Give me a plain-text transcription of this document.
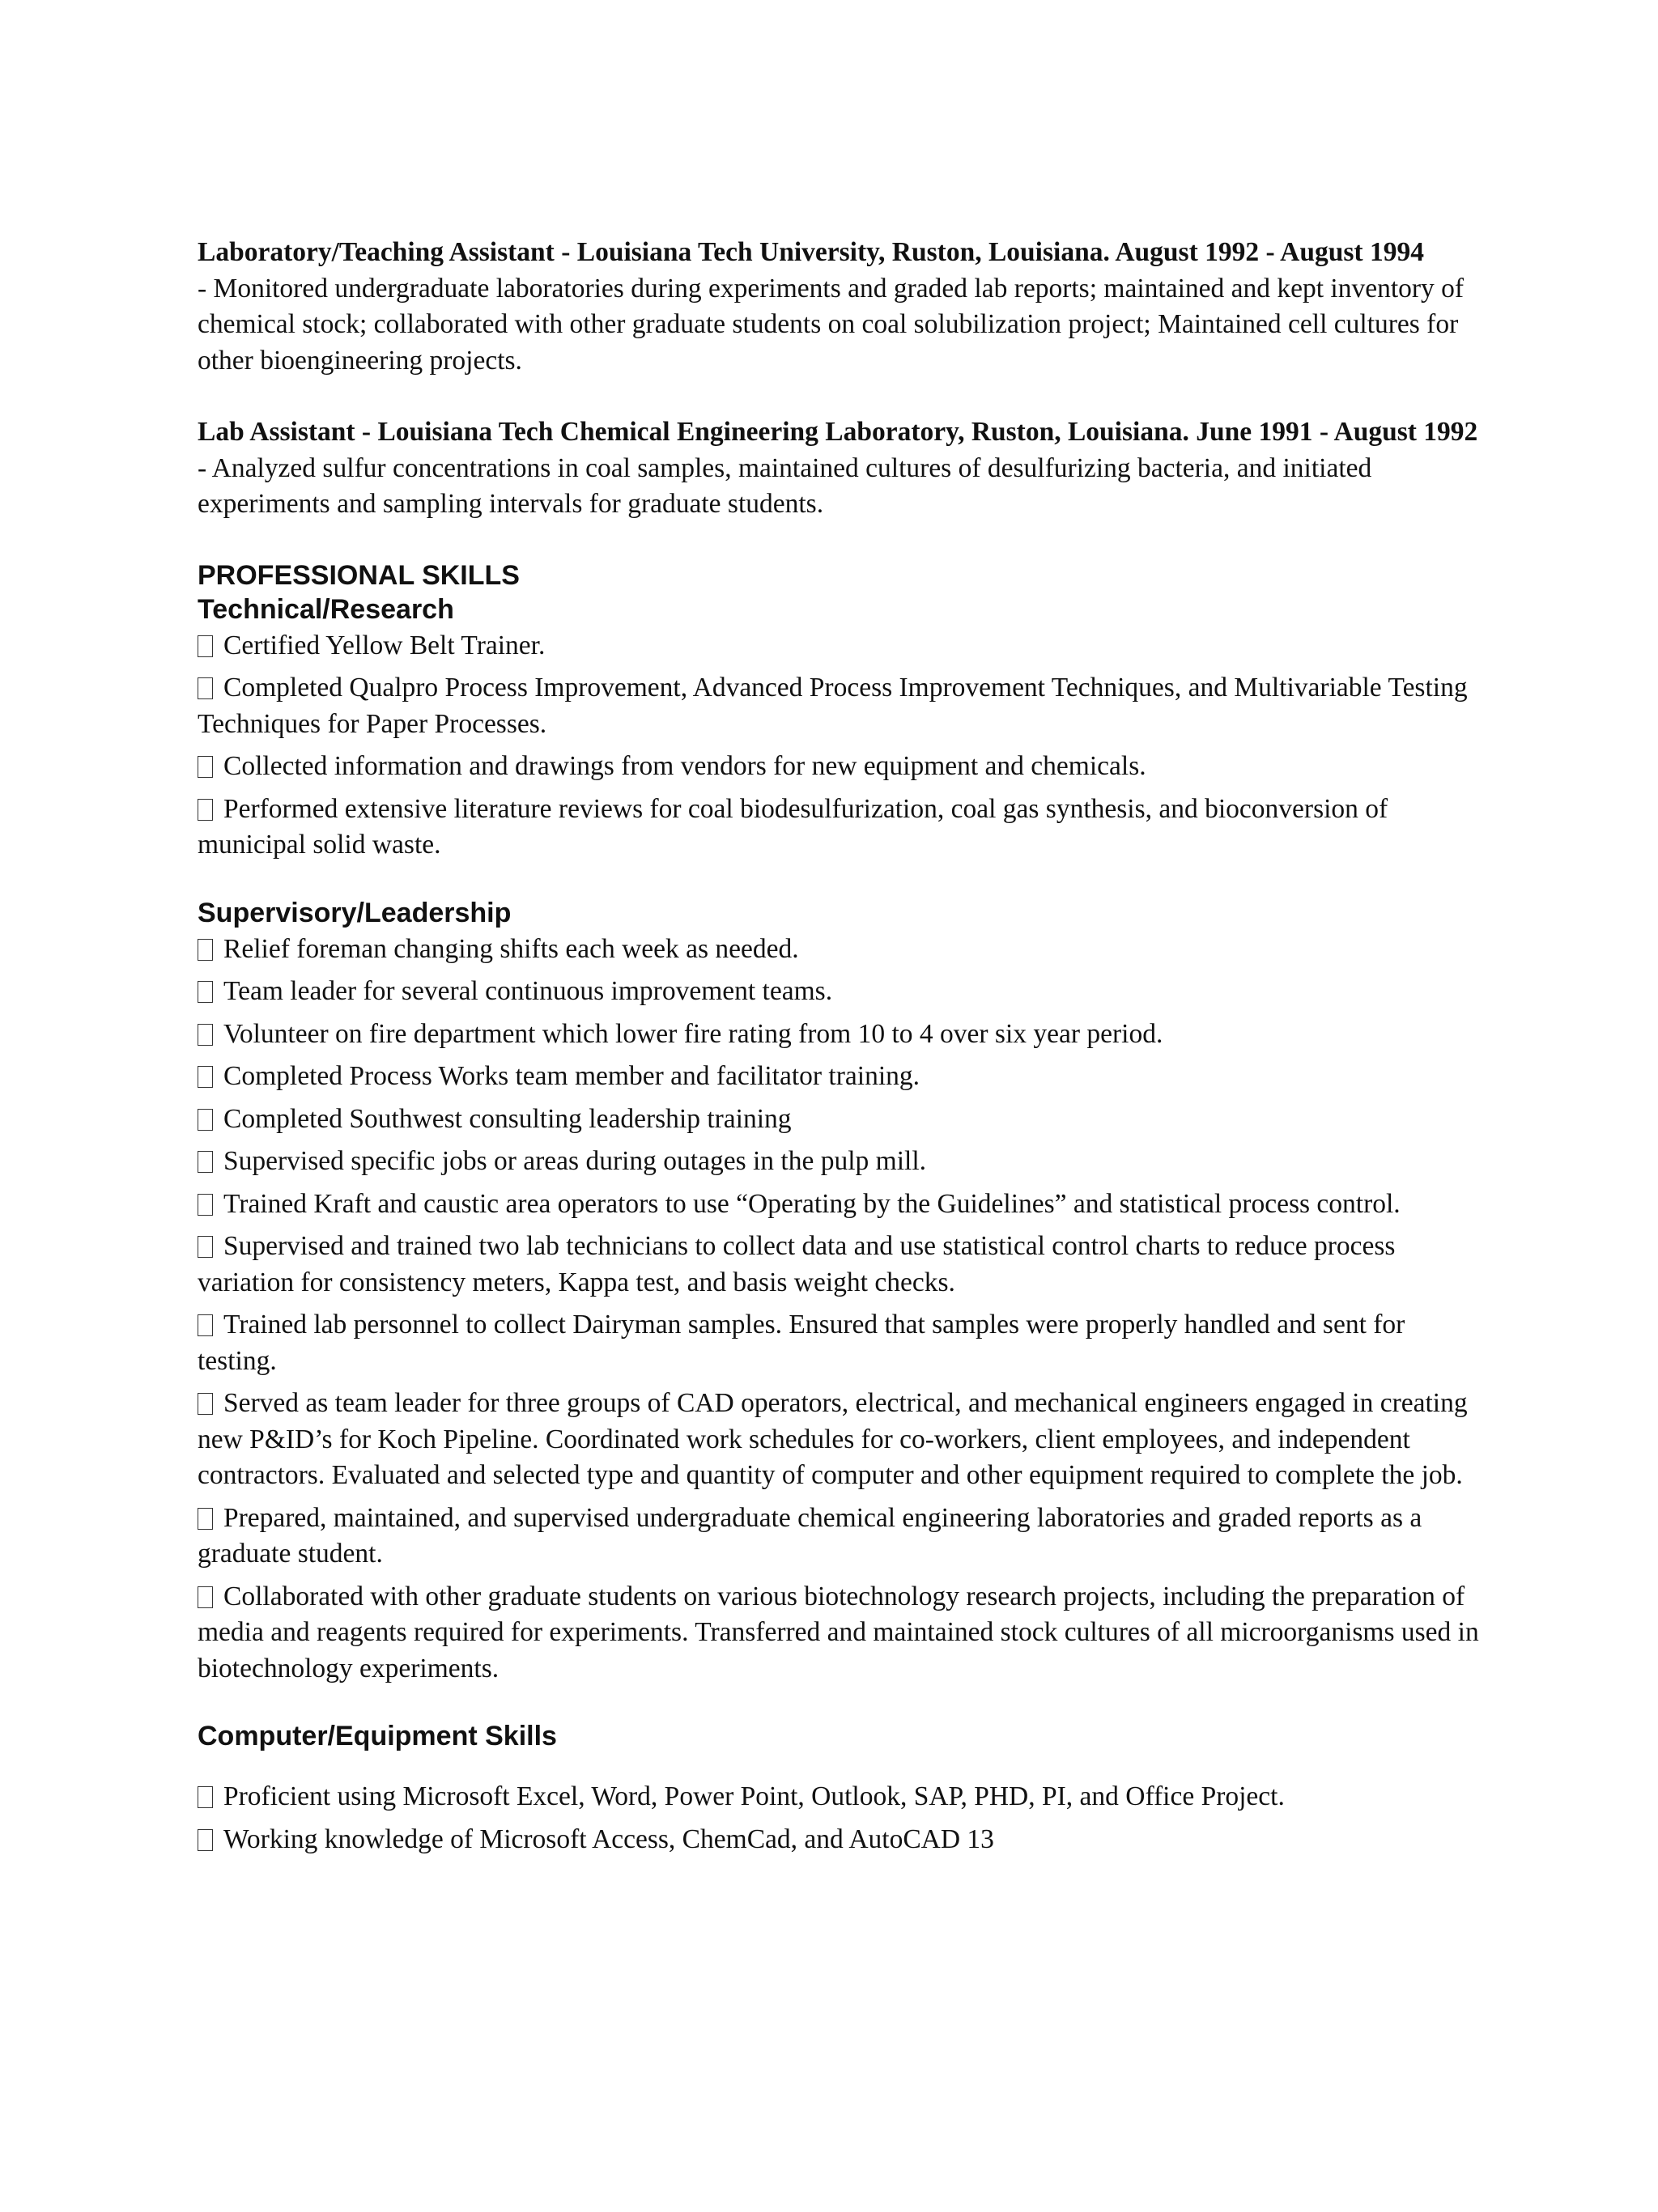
Laboratory/Teaching Assistant - Louisiana Tech University, Ruston, Louisiana. August 1992 - August 1994

- Monitored undergraduate laboratories during experiments and graded lab reports; maintained and kept inventory of chemical stock; collaborated with other graduate students on coal solubilization project; Maintained cell cultures for other bioengineering projects.

Lab Assistant - Louisiana Tech Chemical Engineering Laboratory, Ruston, Louisiana. June 1991 - August 1992

- Analyzed sulfur concentrations in coal samples, maintained cultures of desulfurizing bacteria, and initiated experiments and sampling intervals for graduate students.

PROFESSIONAL SKILLS
Technical/Research
Certified Yellow Belt Trainer.
Completed Qualpro Process Improvement, Advanced Process Improvement Techniques, and Multivariable Testing Techniques for Paper Processes.
Collected information and drawings from vendors for new equipment and chemicals.
Performed extensive literature reviews for coal biodesulfurization, coal gas synthesis, and bioconversion of municipal solid waste.
Supervisory/Leadership
Relief foreman changing shifts each week as needed.
Team leader for several continuous improvement teams.
Volunteer on fire department which lower fire rating from 10 to 4 over six year period.
Completed Process Works team member and facilitator training.
Completed Southwest consulting leadership training
Supervised specific jobs or areas during outages in the pulp mill.
Trained Kraft and caustic area operators to use “Operating by the Guidelines” and statistical process control.
Supervised and trained two lab technicians to collect data and use statistical control charts to reduce process variation for consistency meters, Kappa test, and basis weight checks.
Trained lab personnel to collect Dairyman samples. Ensured that samples were properly handled and sent for testing.
Served as team leader for three groups of CAD operators, electrical, and mechanical engineers engaged in creating new P&ID’s for Koch Pipeline. Coordinated work schedules for co-workers, client employees, and independent contractors. Evaluated and selected type and quantity of computer and other equipment required to complete the job.
Prepared, maintained, and supervised undergraduate chemical engineering laboratories and graded reports as a graduate student.
Collaborated with other graduate students on various biotechnology research projects, including the preparation of media and reagents required for experiments. Transferred and maintained stock cultures of all microorganisms used in biotechnology experiments.
Computer/Equipment Skills
Proficient using Microsoft Excel, Word, Power Point, Outlook, SAP, PHD, PI, and Office Project.
Working knowledge of Microsoft Access, ChemCad, and AutoCAD 13
